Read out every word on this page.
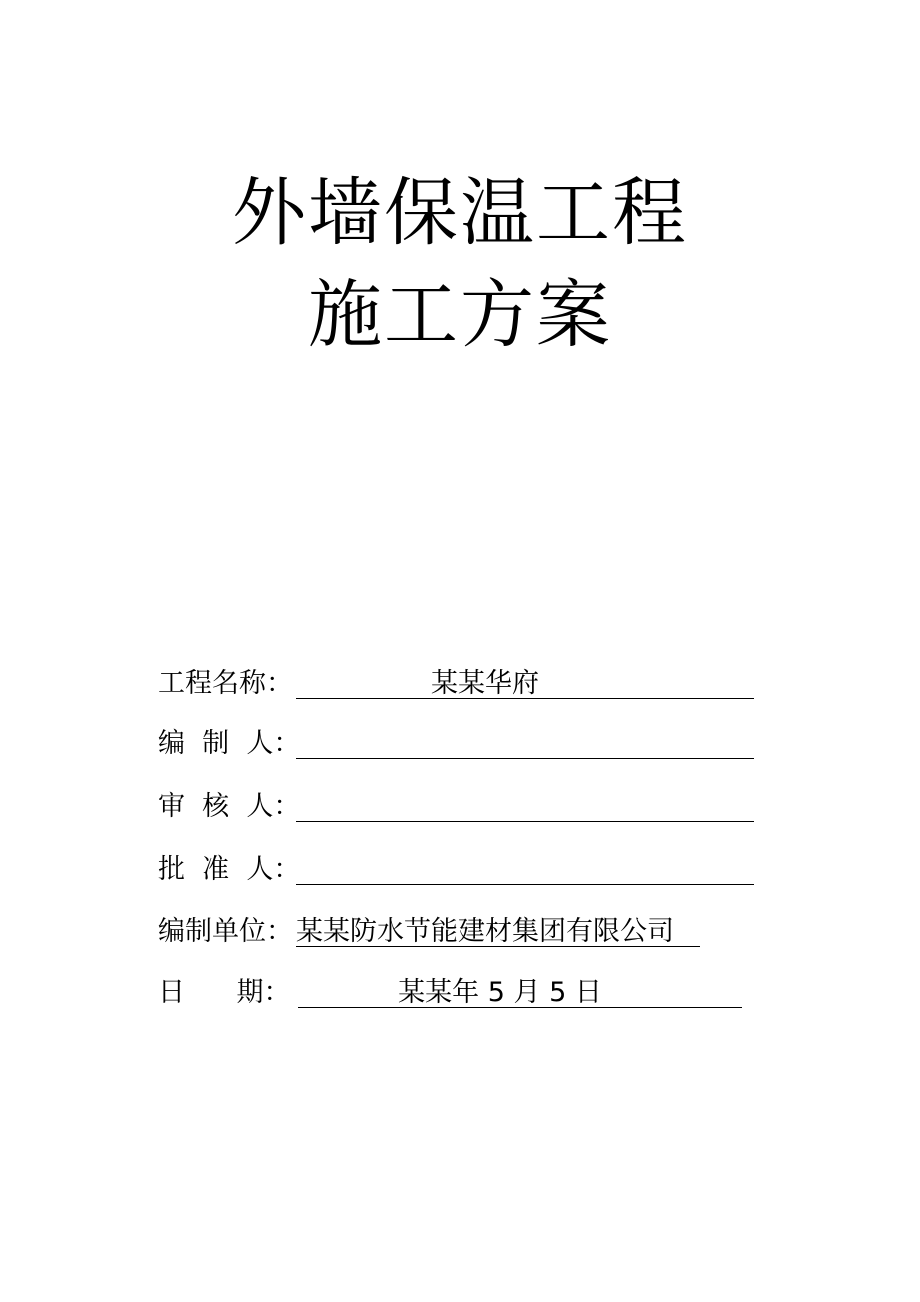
外墙保温工程
施工方案
工程名称：	某某华府
编  制  人：
审  核  人：
批  准  人：
编制单位： 某某防水节能建材集团有限公司
日      期：	某某年 5 月 5 日
